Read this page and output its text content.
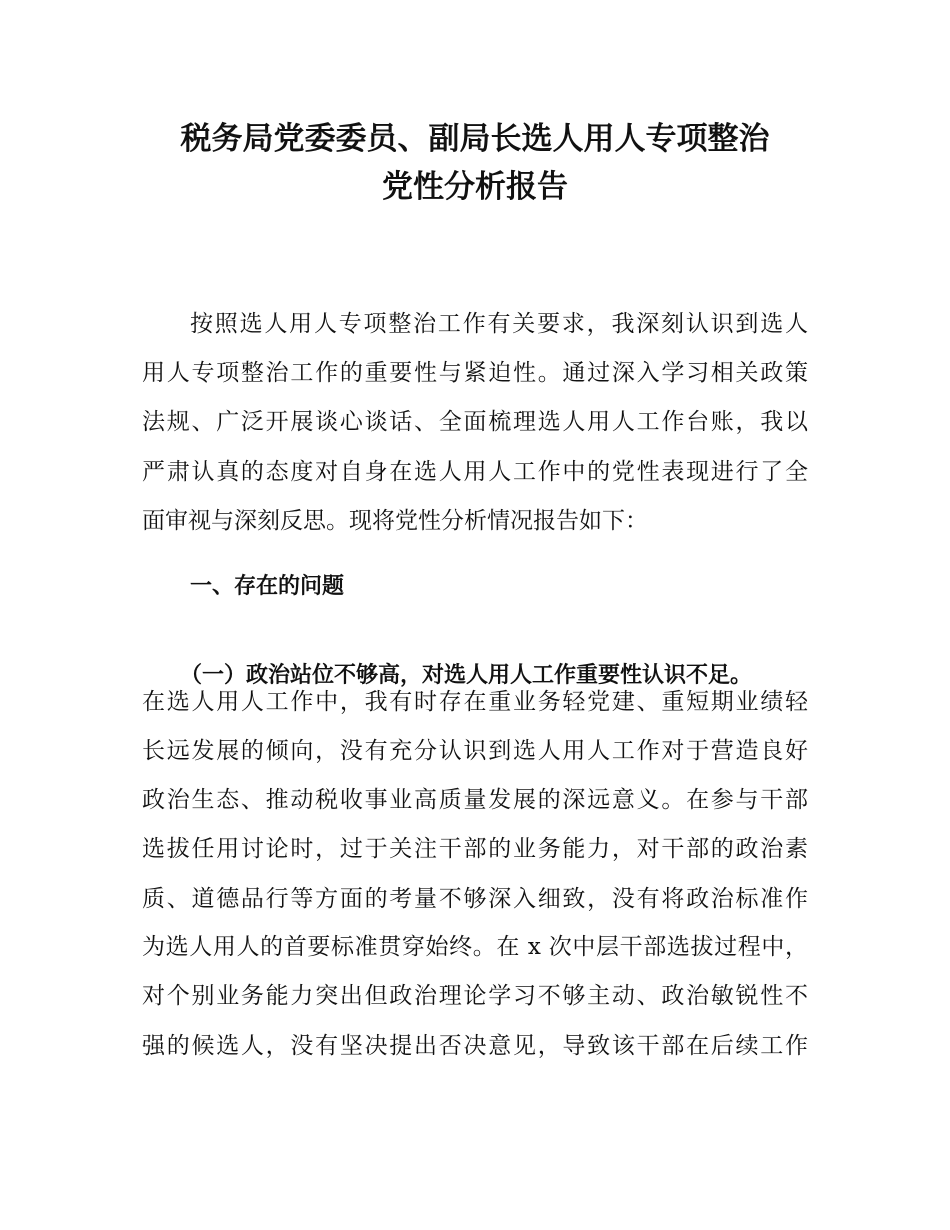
税务局党委委员、副局长选人用人专项整治
党性分析报告

按照选人用人专项整治工作有关要求，我深刻认识到选人

用人专项整治工作的重要性与紧迫性。通过深入学习相关政策

法规、广泛开展谈心谈话、全面梳理选人用人工作台账，我以

严肃认真的态度对自身在选人用人工作中的党性表现进行了全

面审视与深刻反思。现将党性分析情况报告如下：

一、存在的问题

（一）政治站位不够高，对选人用人工作重要性认识不足。

在选人用人工作中，我有时存在重业务轻党建、重短期业绩轻

长远发展的倾向，没有充分认识到选人用人工作对于营造良好

政治生态、推动税收事业高质量发展的深远意义。在参与干部

选拔任用讨论时，过于关注干部的业务能力，对干部的政治素

质、道德品行等方面的考量不够深入细致，没有将政治标准作

为选人用人的首要标准贯穿始终。在 x 次中层干部选拔过程中，

对个别业务能力突出但政治理论学习不够主动、政治敏锐性不

强的候选人，没有坚决提出否决意见，导致该干部在后续工作
